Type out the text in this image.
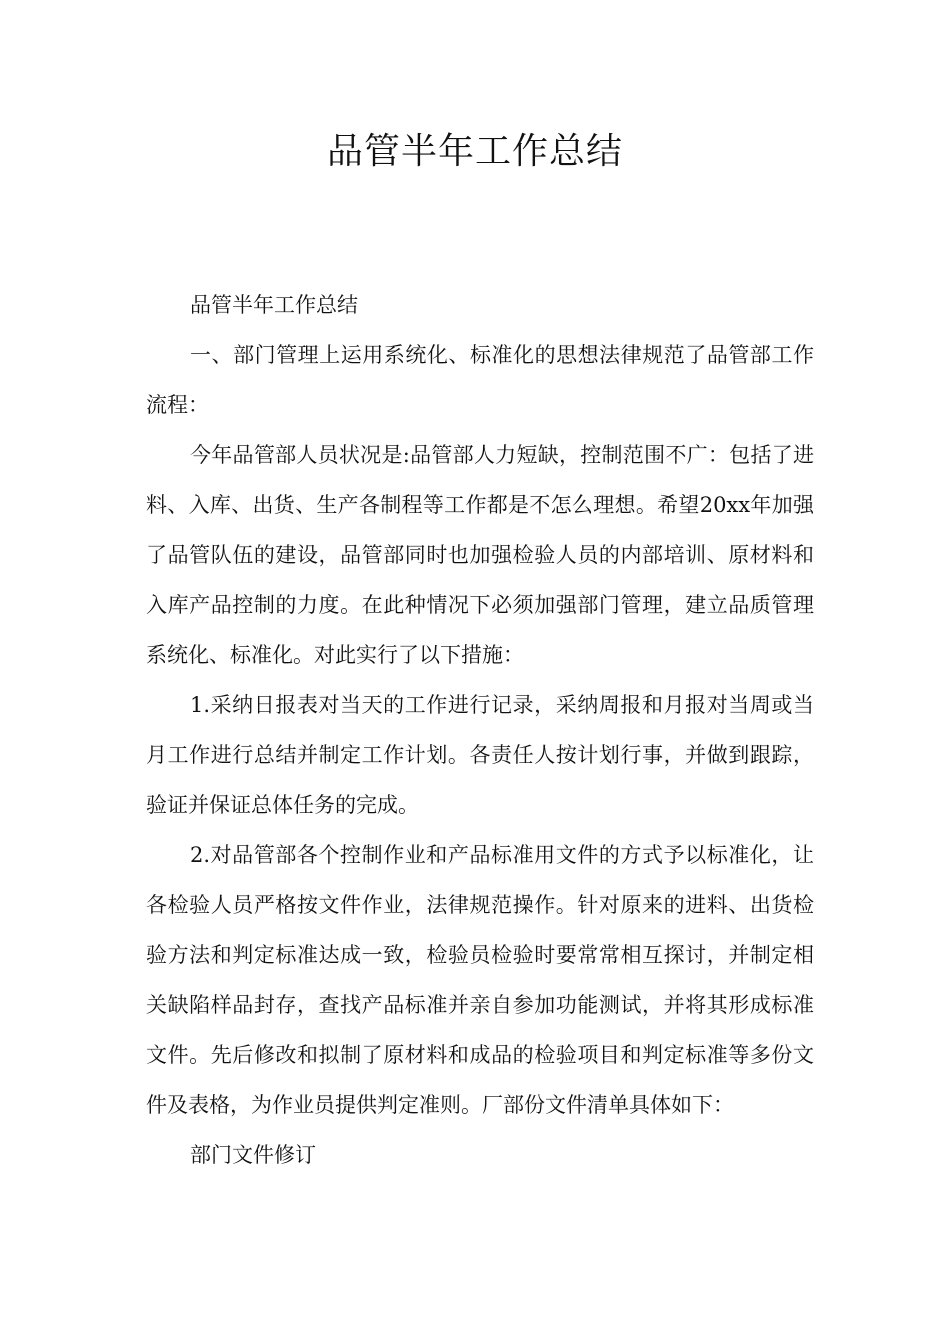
品管半年工作总结

品管半年工作总结

一、部门管理上运用系统化、标准化的思想法律规范了品管部工作流程：

今年品管部人员状况是:品管部人力短缺，控制范围不广：包括了进料、入库、出货、生产各制程等工作都是不怎么理想。希望20xx年加强了品管队伍的建设，品管部同时也加强检验人员的内部培训、原材料和入库产品控制的力度。在此种情况下必须加强部门管理，建立品质管理系统化、标准化。对此实行了以下措施：

1.采纳日报表对当天的工作进行记录，采纳周报和月报对当周或当月工作进行总结并制定工作计划。各责任人按计划行事，并做到跟踪，验证并保证总体任务的完成。

2.对品管部各个控制作业和产品标准用文件的方式予以标准化，让各检验人员严格按文件作业，法律规范操作。针对原来的进料、出货检验方法和判定标准达成一致，检验员检验时要常常相互探讨，并制定相关缺陷样品封存，查找产品标准并亲自参加功能测试，并将其形成标准文件。先后修改和拟制了原材料和成品的检验项目和判定标准等多份文件及表格，为作业员提供判定准则。厂部份文件清单具体如下：

部门文件修订
